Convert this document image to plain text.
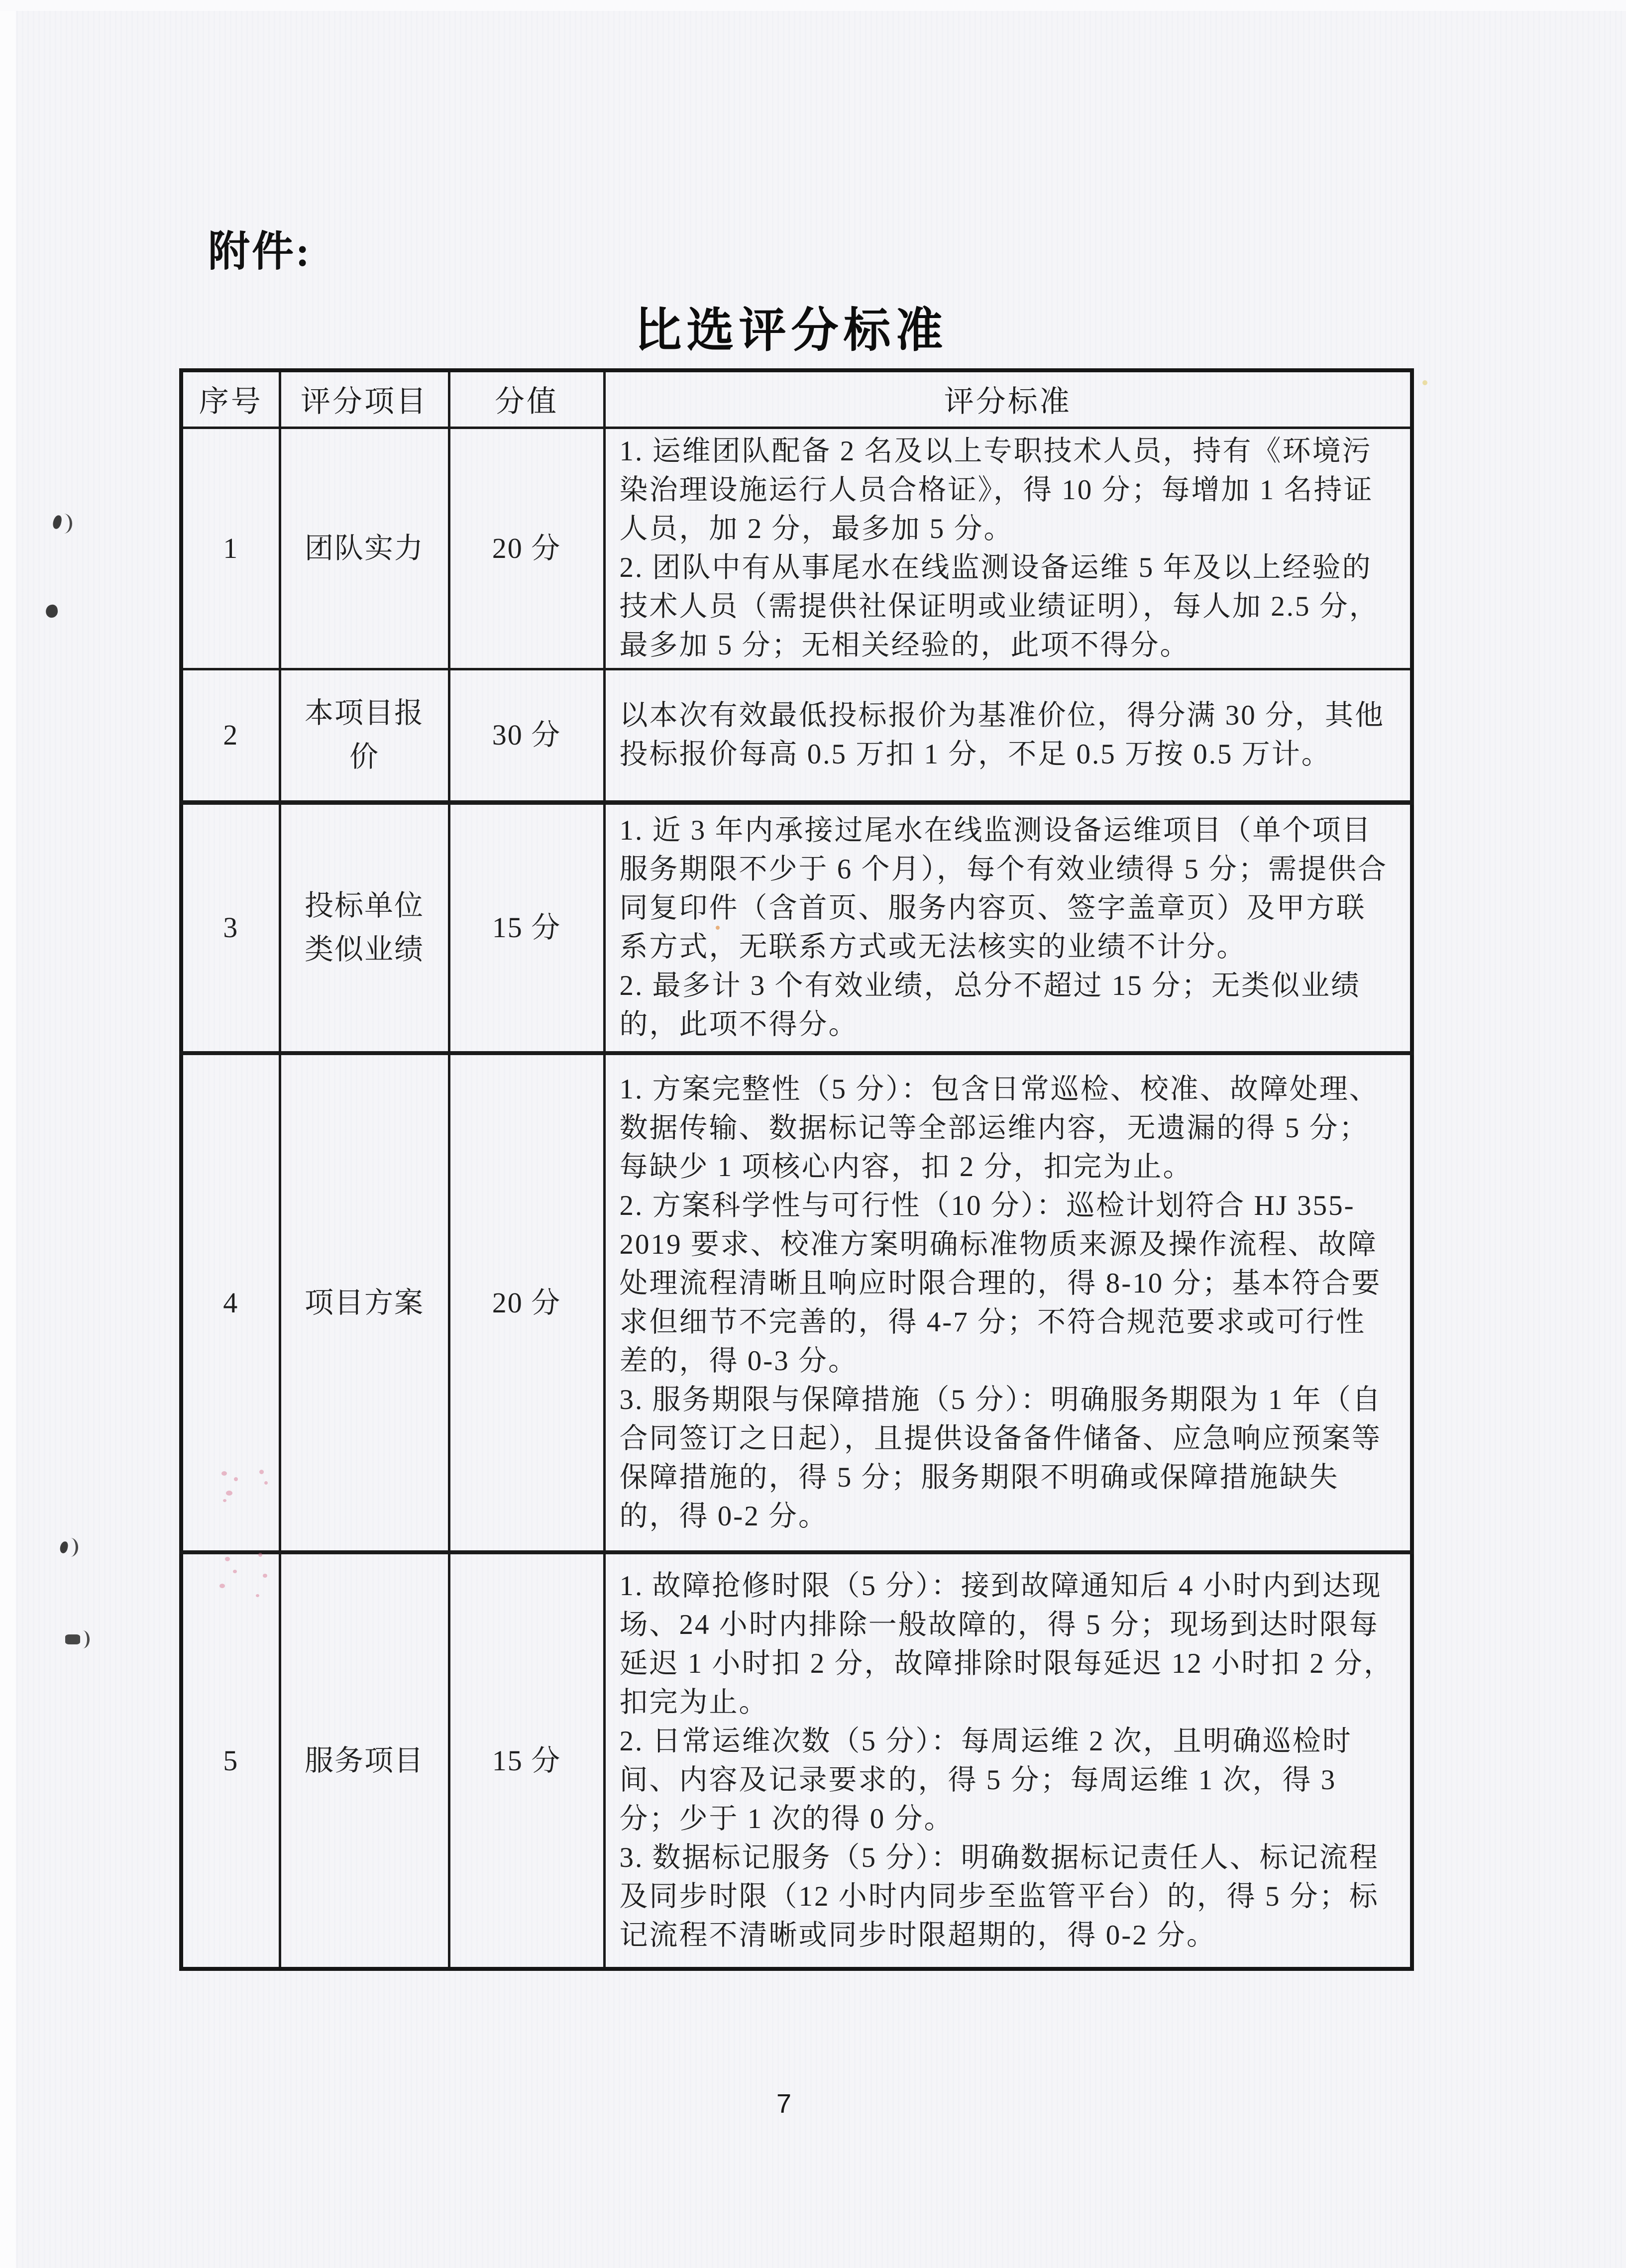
附件:
比选评分标准
序号	评分项目	分值	评分标准
1	团队实力	20 分	1. 运维团队配备 2 名及以上专职技术人员，持有《环境污染治理设施运行人员合格证》，得 10 分；每增加 1 名持证人员，加 2 分，最多加 5 分。

2. 团队中有从事尾水在线监测设备运维 5 年及以上经验的技术人员（需提供社保证明或业绩证明），每人加 2.5 分，最多加 5 分；无相关经验的，此项不得分。

2	本项目报价	30 分	以本次有效最低投标报价为基准价位，得分满 30 分，其他投标报价每高 0.5 万扣 1 分，不足 0.5 万按 0.5 万计。

3	投标单位类似业绩	15 分	1. 近 3 年内承接过尾水在线监测设备运维项目（单个项目服务期限不少于 6 个月），每个有效业绩得 5 分；需提供合同复印件（含首页、服务内容页、签字盖章页）及甲方联系方式，无联系方式或无法核实的业绩不计分。

2. 最多计 3 个有效业绩，总分不超过 15 分；无类似业绩的，此项不得分。

4	项目方案	20 分	1. 方案完整性（5 分）：包含日常巡检、校准、故障处理、数据传输、数据标记等全部运维内容，无遗漏的得 5 分；每缺少 1 项核心内容，扣 2 分，扣完为止。

2. 方案科学性与可行性（10 分）：巡检计划符合 HJ 355-2019 要求、校准方案明确标准物质来源及操作流程、故障处理流程清晰且响应时限合理的，得 8-10 分；基本符合要求但细节不完善的，得 4-7 分；不符合规范要求或可行性差的，得 0-3 分。

3. 服务期限与保障措施（5 分）：明确服务期限为 1 年（自合同签订之日起），且提供设备备件储备、应急响应预案等保障措施的，得 5 分；服务期限不明确或保障措施缺失的，得 0-2 分。

5	服务项目	15 分	1. 故障抢修时限（5 分）：接到故障通知后 4 小时内到达现场、24 小时内排除一般故障的，得 5 分；现场到达时限每延迟 1 小时扣 2 分，故障排除时限每延迟 12 小时扣 2 分，扣完为止。

2. 日常运维次数（5 分）：每周运维 2 次，且明确巡检时间、内容及记录要求的，得 5 分；每周运维 1 次，得 3 分；少于 1 次的得 0 分。

3. 数据标记服务（5 分）：明确数据标记责任人、标记流程及同步时限（12 小时内同步至监管平台）的，得 5 分；标记流程不清晰或同步时限超期的，得 0-2 分。

7
